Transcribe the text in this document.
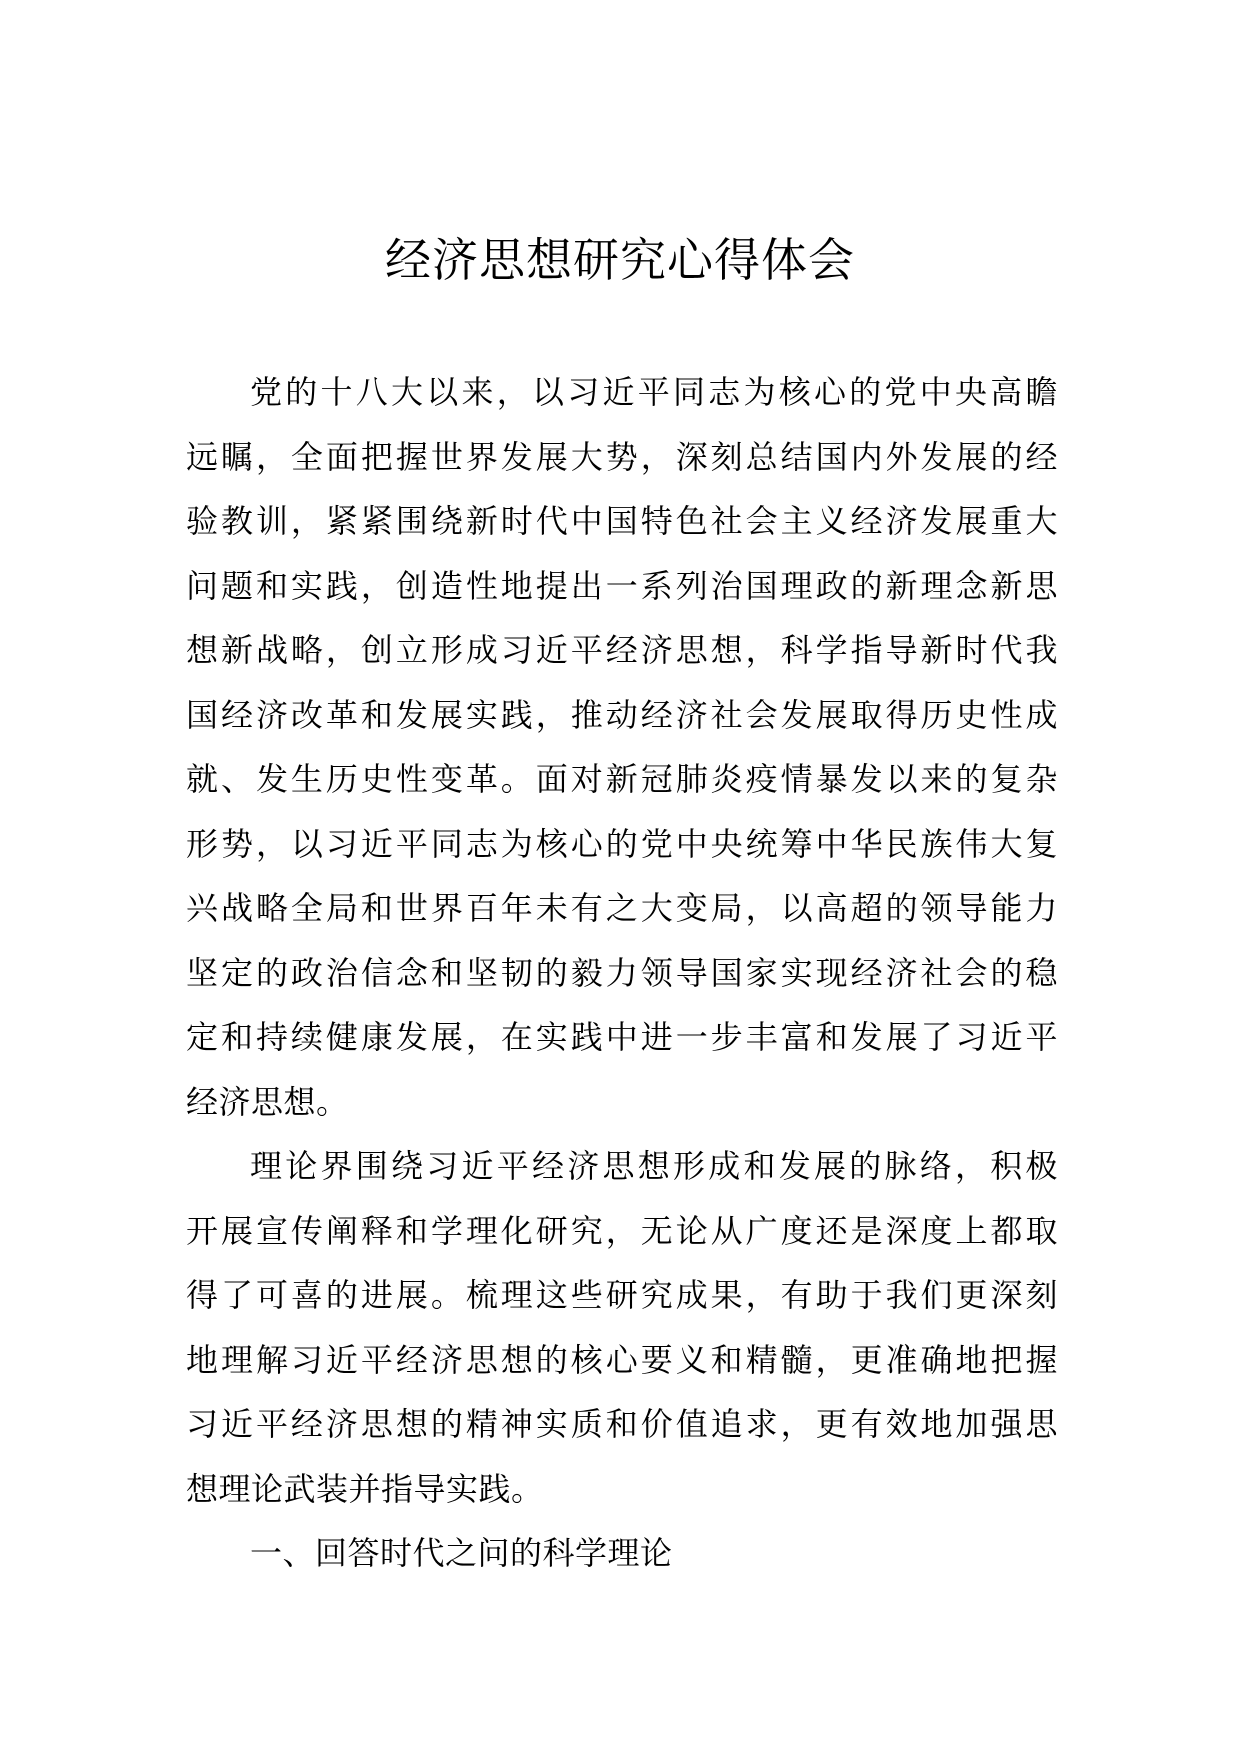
经济思想研究心得体会
党的十八大以来，以习近平同志为核心的党中央高瞻
远瞩，全面把握世界发展大势，深刻总结国内外发展的经
验教训，紧紧围绕新时代中国特色社会主义经济发展重大
问题和实践，创造性地提出一系列治国理政的新理念新思
想新战略，创立形成习近平经济思想，科学指导新时代我
国经济改革和发展实践，推动经济社会发展取得历史性成
就、发生历史性变革。面对新冠肺炎疫情暴发以来的复杂
形势，以习近平同志为核心的党中央统筹中华民族伟大复
兴战略全局和世界百年未有之大变局，以高超的领导能力
坚定的政治信念和坚韧的毅力领导国家实现经济社会的稳
定和持续健康发展，在实践中进一步丰富和发展了习近平
经济思想。
理论界围绕习近平经济思想形成和发展的脉络，积极
开展宣传阐释和学理化研究，无论从广度还是深度上都取
得了可喜的进展。梳理这些研究成果，有助于我们更深刻
地理解习近平经济思想的核心要义和精髓，更准确地把握
习近平经济思想的精神实质和价值追求，更有效地加强思
想理论武装并指导实践。

一、回答时代之问的科学理论
